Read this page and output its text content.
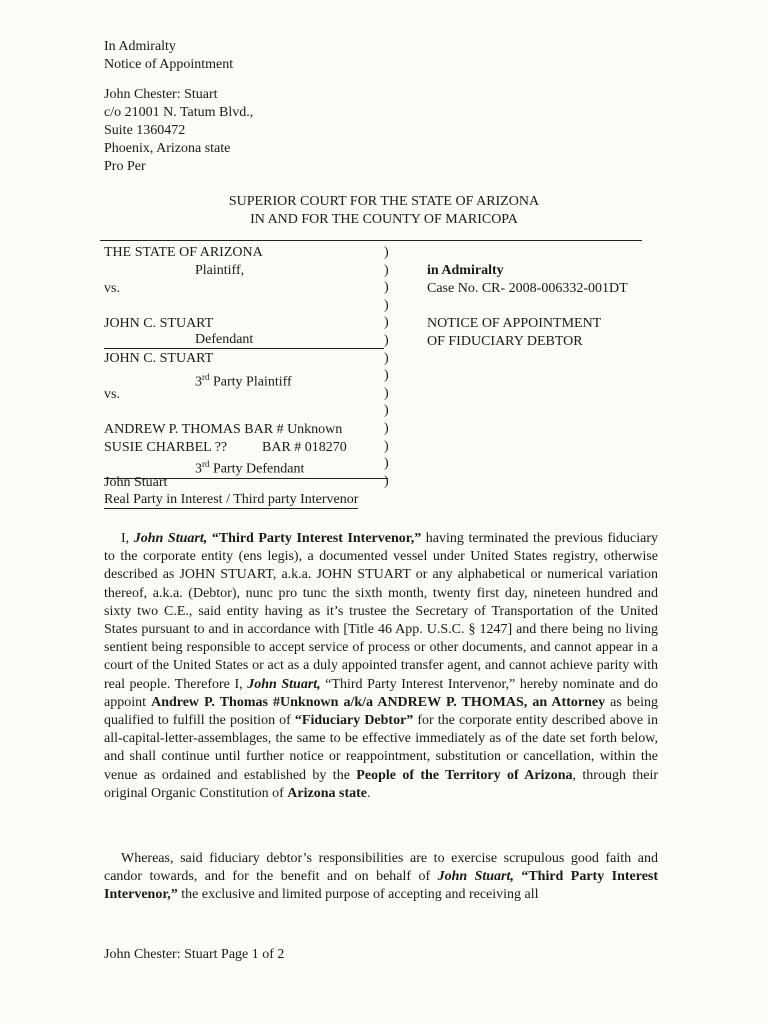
In Admiralty
Notice of Appointment
John Chester: Stuart
c/o 21001 N. Tatum Blvd.,
Suite 1360472
Phoenix, Arizona state
Pro Per
SUPERIOR COURT FOR THE STATE OF ARIZONA
IN AND FOR THE COUNTY OF MARICOPA
THE STATE OF ARIZONA
Plaintiff,
vs.
JOHN C. STUART
Defendant
JOHN C. STUART
3rd Party Plaintiff
vs.
ANDREW P. THOMAS BAR # Unknown
SUSIE CHARBEL ?? BAR # 018270
3rd Party Defendant
John Stuart
Real Party in Interest / Third party Intervenor
)
)
)
)
)
)
)
)
)
)
)
)
)
)
in Admiralty
Case No. CR- 2008-006332-001DT
NOTICE OF APPOINTMENT
OF FIDUCIARY DEBTOR
I, John Stuart, “Third Party Interest Intervenor,” having terminated the previous fiduciary to the corporate entity (ens legis), a documented vessel under United States registry, otherwise described as JOHN STUART, a.k.a. JOHN STUART or any alphabetical or numerical variation thereof, a.k.a. (Debtor), nunc pro tunc the sixth month, twenty first day, nineteen hundred and sixty two C.E., said entity having as it’s trustee the Secretary of Transportation of the United States pursuant to and in accordance with [Title 46 App. U.S.C. § 1247] and there being no living sentient being responsible to accept service of process or other documents, and cannot appear in a court of the United States or act as a duly appointed transfer agent, and cannot achieve parity with real people. Therefore I, John Stuart, “Third Party Interest Intervenor,” hereby nominate and do appoint Andrew P. Thomas #Unknown a/k/a ANDREW P. THOMAS, an Attorney as being qualified to fulfill the position of “Fiduciary Debtor” for the corporate entity described above in all-capital-letter-assemblages, the same to be effective immediately as of the date set forth below, and shall continue until further notice or reappointment, substitution or cancellation, within the venue as ordained and established by the People of the Territory of Arizona, through their original Organic Constitution of Arizona state.
Whereas, said fiduciary debtor’s responsibilities are to exercise scrupulous good faith and candor towards, and for the benefit and on behalf of John Stuart, “Third Party Interest Intervenor,” the exclusive and limited purpose of accepting and receiving all
John Chester: Stuart Page 1 of 2
